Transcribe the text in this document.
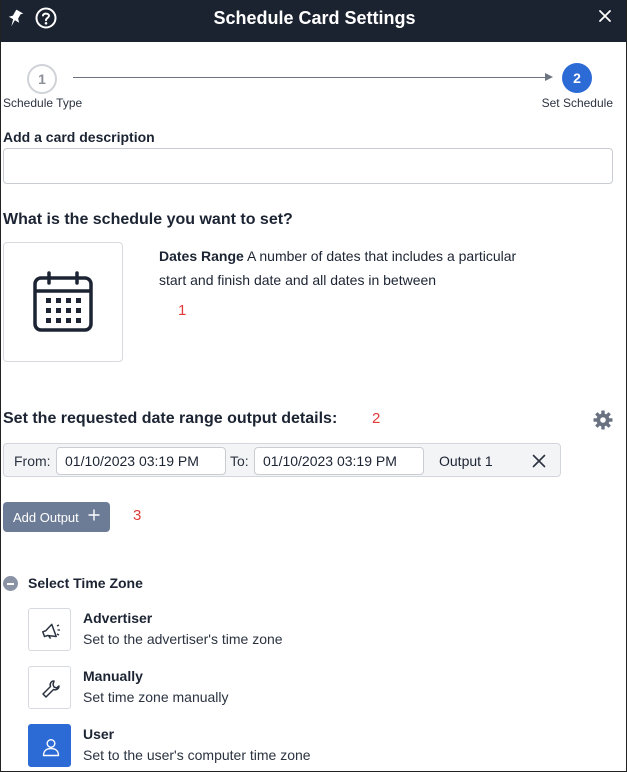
Schedule Card Settings
1
Schedule Type
2
Set Schedule
Add a card description
What is the schedule you want to set?
Dates Range A number of dates that includes a particular start and finish date and all dates in between
1
Set the requested date range output details: 2
From:
01/10/2023 03:19 PM	To:
01/10/2023 03:19 PM	Output 1
Add Output	3
Select Time Zone
Advertiser
Set to the advertiser's time zone
Manually
Set time zone manually
User
Set to the user's computer time zone
